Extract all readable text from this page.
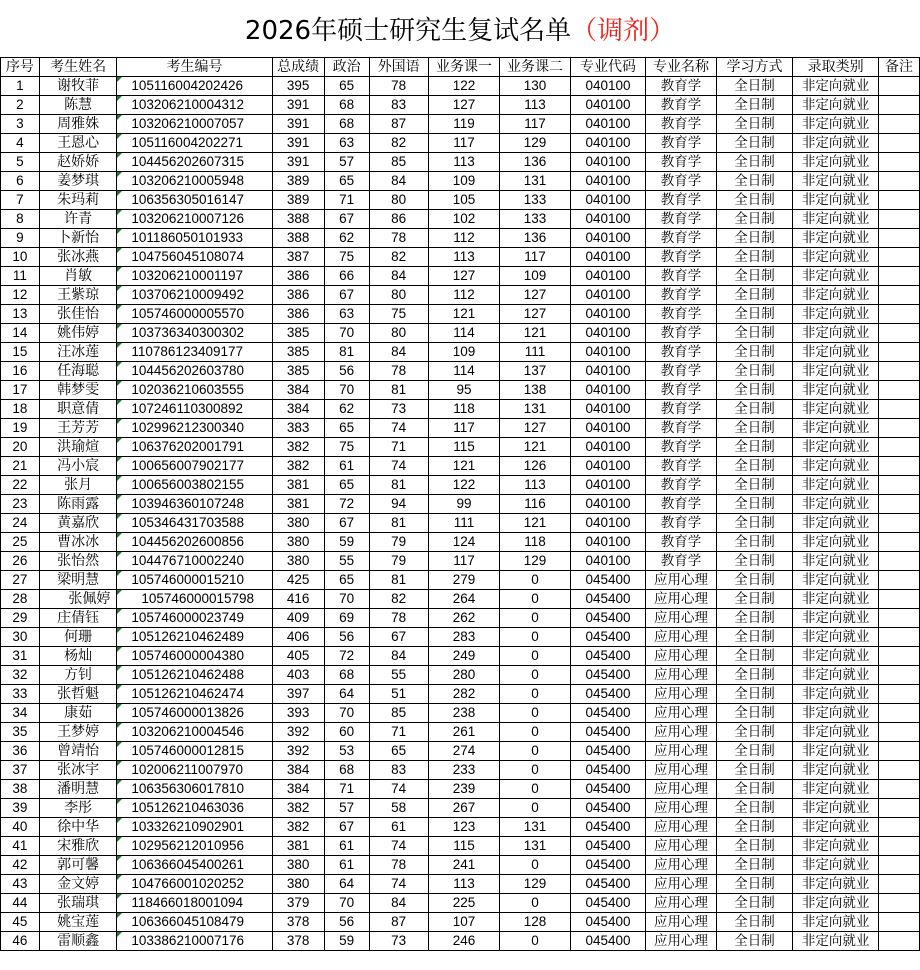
2026年硕士研究生复试名单（调剂）
序号	考生姓名	考生编号	总成绩	政治	外国语	业务课一	业务课二	专业代码	专业名称	学习方式	录取类别	备注
1	谢牧菲	105116004202426	395	65	78	122	130	040100	教育学	全日制	非定向就业	
2	陈慧	103206210004312	391	68	83	127	113	040100	教育学	全日制	非定向就业	
3	周雅姝	103206210007057	391	68	87	119	117	040100	教育学	全日制	非定向就业	
4	王恩心	105116004202271	391	63	82	117	129	040100	教育学	全日制	非定向就业	
5	赵娇娇	104456202607315	391	57	85	113	136	040100	教育学	全日制	非定向就业	
6	姜梦琪	103206210005948	389	65	84	109	131	040100	教育学	全日制	非定向就业	
7	朱玛莉	106356305016147	389	71	80	105	133	040100	教育学	全日制	非定向就业	
8	许青	103206210007126	388	67	86	102	133	040100	教育学	全日制	非定向就业	
9	卜新怡	101186050101933	388	62	78	112	136	040100	教育学	全日制	非定向就业	
10	张冰燕	104756045108074	387	75	82	113	117	040100	教育学	全日制	非定向就业	
11	肖敏	103206210001197	386	66	84	127	109	040100	教育学	全日制	非定向就业	
12	王紫琼	103706210009492	386	67	80	112	127	040100	教育学	全日制	非定向就业	
13	张佳怡	105746000005570	386	63	75	121	127	040100	教育学	全日制	非定向就业	
14	姚伟婷	103736340300302	385	70	80	114	121	040100	教育学	全日制	非定向就业	
15	汪冰莲	110786123409177	385	81	84	109	111	040100	教育学	全日制	非定向就业	
16	任海聪	104456202603780	385	56	78	114	137	040100	教育学	全日制	非定向就业	
17	韩梦雯	102036210603555	384	70	81	95	138	040100	教育学	全日制	非定向就业	
18	职意倩	107246110300892	384	62	73	118	131	040100	教育学	全日制	非定向就业	
19	王芳芳	102996212300340	383	65	74	117	127	040100	教育学	全日制	非定向就业	
20	洪瑜煊	106376202001791	382	75	71	115	121	040100	教育学	全日制	非定向就业	
21	冯小宸	100656007902177	382	61	74	121	126	040100	教育学	全日制	非定向就业	
22	张月	100656003802155	381	65	81	122	113	040100	教育学	全日制	非定向就业	
23	陈雨露	103946360107248	381	72	94	99	116	040100	教育学	全日制	非定向就业	
24	黄嘉欣	105346431703588	380	67	81	111	121	040100	教育学	全日制	非定向就业	
25	曹冰冰	104456202600856	380	59	79	124	118	040100	教育学	全日制	非定向就业	
26	张怡然	104476710002240	380	55	79	117	129	040100	教育学	全日制	非定向就业	
27	梁明慧	105746000015210	425	65	81	279	0	045400	应用心理	全日制	非定向就业	
28	张佩婷	105746000015798	416	70	82	264	0	045400	应用心理	全日制	非定向就业	
29	庄倩钰	105746000023749	409	69	78	262	0	045400	应用心理	全日制	非定向就业	
30	何珊	105126210462489	406	56	67	283	0	045400	应用心理	全日制	非定向就业	
31	杨灿	105746000004380	405	72	84	249	0	045400	应用心理	全日制	非定向就业	
32	方钊	105126210462488	403	68	55	280	0	045400	应用心理	全日制	非定向就业	
33	张哲魁	105126210462474	397	64	51	282	0	045400	应用心理	全日制	非定向就业	
34	康茹	105746000013826	393	70	85	238	0	045400	应用心理	全日制	非定向就业	
35	王梦婷	103206210004546	392	60	71	261	0	045400	应用心理	全日制	非定向就业	
36	曾靖怡	105746000012815	392	53	65	274	0	045400	应用心理	全日制	非定向就业	
37	张冰宇	102006211007970	384	68	83	233	0	045400	应用心理	全日制	非定向就业	
38	潘明慧	106356306017810	384	71	74	239	0	045400	应用心理	全日制	非定向就业	
39	李彤	105126210463036	382	57	58	267	0	045400	应用心理	全日制	非定向就业	
40	徐中华	103326210902901	382	67	61	123	131	045400	应用心理	全日制	非定向就业	
41	宋雅欣	102956212010956	381	61	74	115	131	045400	应用心理	全日制	非定向就业	
42	郭可馨	106366045400261	380	61	78	241	0	045400	应用心理	全日制	非定向就业	
43	金文婷	104766001020252	380	64	74	113	129	045400	应用心理	全日制	非定向就业	
44	张瑞琪	118466018001094	379	70	84	225	0	045400	应用心理	全日制	非定向就业	
45	姚宝莲	106366045108479	378	56	87	107	128	045400	应用心理	全日制	非定向就业	
46	雷顺鑫	103386210007176	378	59	73	246	0	045400	应用心理	全日制	非定向就业	
